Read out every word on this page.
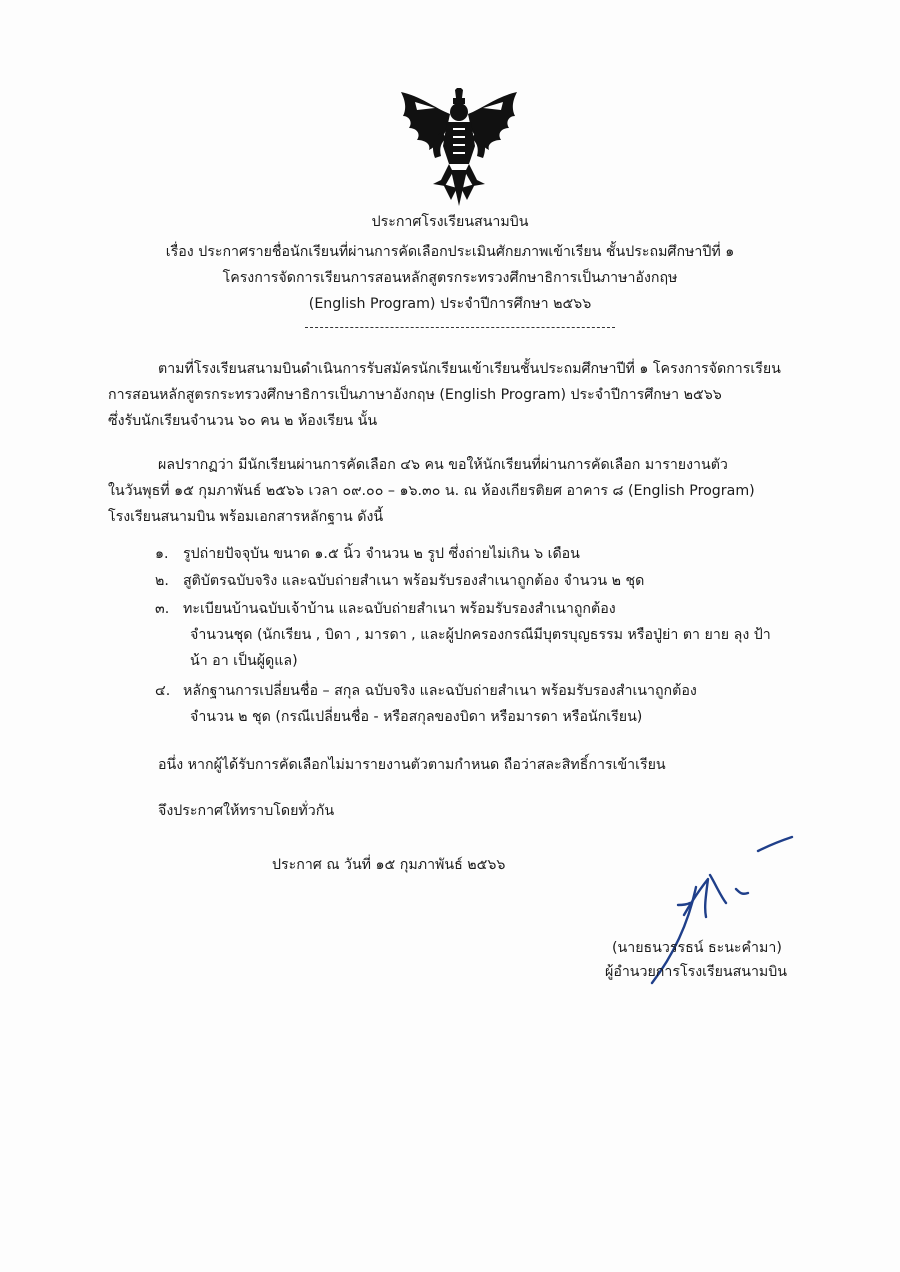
ประกาศโรงเรียนสนามบิน
เรื่อง ประกาศรายชื่อนักเรียนที่ผ่านการคัดเลือกประเมินศักยภาพเข้าเรียน ชั้นประถมศึกษาปีที่ ๑
โครงการจัดการเรียนการสอนหลักสูตรกระทรวงศึกษาธิการเป็นภาษาอังกฤษ
(English Program) ประจำปีการศึกษา ๒๕๖๖
ตามที่โรงเรียนสนามบินดำเนินการรับสมัครนักเรียนเข้าเรียนชั้นประถมศึกษาปีที่ ๑ โครงการจัดการเรียน
การสอนหลักสูตรกระทรวงศึกษาธิการเป็นภาษาอังกฤษ (English Program) ประจำปีการศึกษา ๒๕๖๖
ซึ่งรับนักเรียนจำนวน ๖๐ คน ๒ ห้องเรียน นั้น
ผลปรากฏว่า มีนักเรียนผ่านการคัดเลือก ๔๖ คน ขอให้นักเรียนที่ผ่านการคัดเลือก มารายงานตัว
ในวันพุธที่ ๑๕ กุมภาพันธ์ ๒๕๖๖ เวลา ๐๙.๐๐ – ๑๖.๓๐ น. ณ ห้องเกียรติยศ อาคาร ๘ (English Program)
โรงเรียนสนามบิน พร้อมเอกสารหลักฐาน ดังนี้
๑. รูปถ่ายปัจจุบัน ขนาด ๑.๕ นิ้ว จำนวน ๒ รูป ซึ่งถ่ายไม่เกิน ๖ เดือน
๒. สูติบัตรฉบับจริง และฉบับถ่ายสำเนา พร้อมรับรองสำเนาถูกต้อง จำนวน ๒ ชุด
๓. ทะเบียนบ้านฉบับเจ้าบ้าน และฉบับถ่ายสำเนา พร้อมรับรองสำเนาถูกต้อง
จำนวนชุด (นักเรียน , บิดา , มารดา , และผู้ปกครองกรณีมีบุตรบุญธรรม หรือปู่ย่า ตา ยาย ลุง ป้า
น้า อา เป็นผู้ดูแล)
๔. หลักฐานการเปลี่ยนชื่อ – สกุล ฉบับจริง และฉบับถ่ายสำเนา พร้อมรับรองสำเนาถูกต้อง
จำนวน ๒ ชุด (กรณีเปลี่ยนชื่อ - หรือสกุลของบิดา หรือมารดา หรือนักเรียน)
อนึ่ง หากผู้ได้รับการคัดเลือกไม่มารายงานตัวตามกำหนด ถือว่าสละสิทธิ์การเข้าเรียน
จึงประกาศให้ทราบโดยทั่วกัน
ประกาศ ณ วันที่ ๑๕ กุมภาพันธ์ ๒๕๖๖
(นายธนวรรธน์ ธะนะคำมา)
ผู้อำนวยการโรงเรียนสนามบิน
